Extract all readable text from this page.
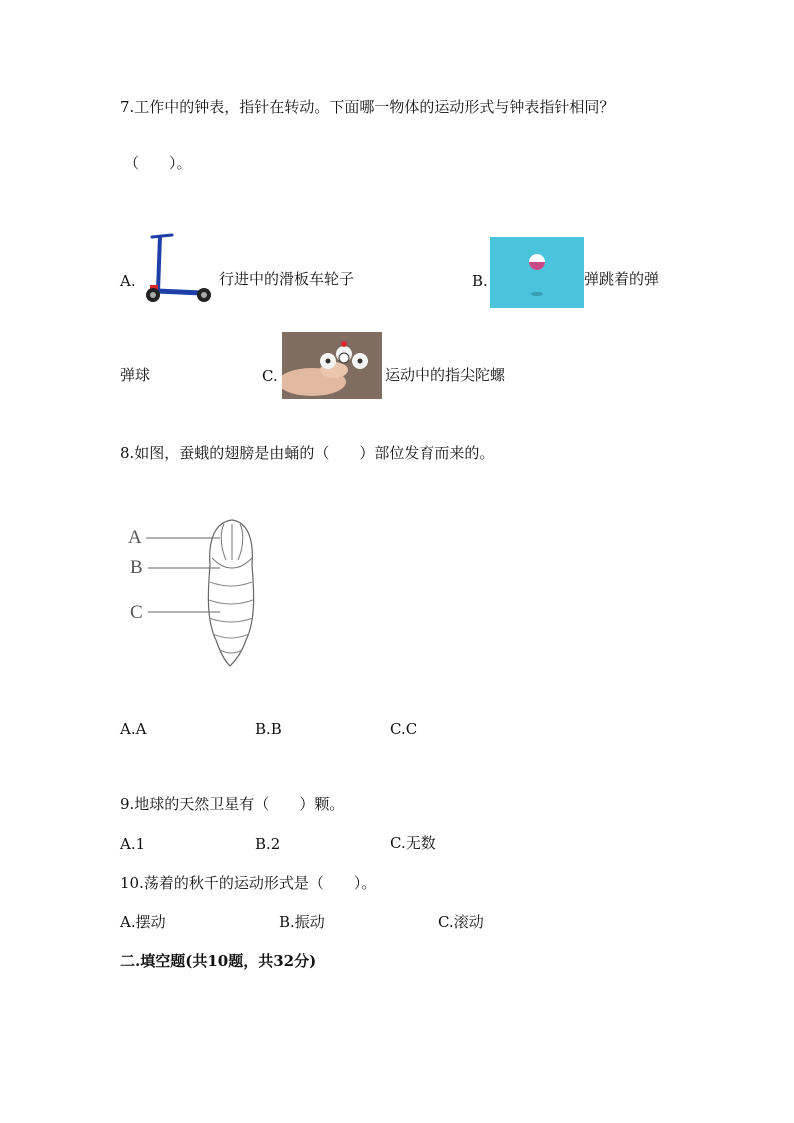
7.工作中的钟表，指针在转动。下面哪一物体的运动形式与钟表指针相同？
（　　）。
A.	行进中的滑板车轮子	B.	弹跳着的弹
弹球	C.	运动中的指尖陀螺
8.如图，蚕蛾的翅膀是由蛹的（　　）部位发育而来的。
A
B
C
A.A	B.B	C.C
9.地球的天然卫星有（　　）颗。
A.1	B.2	C.无数
10.荡着的秋千的运动形式是（　　）。
A.摆动	B.振动	C.滚动
二.填空题(共10题，共32分)
